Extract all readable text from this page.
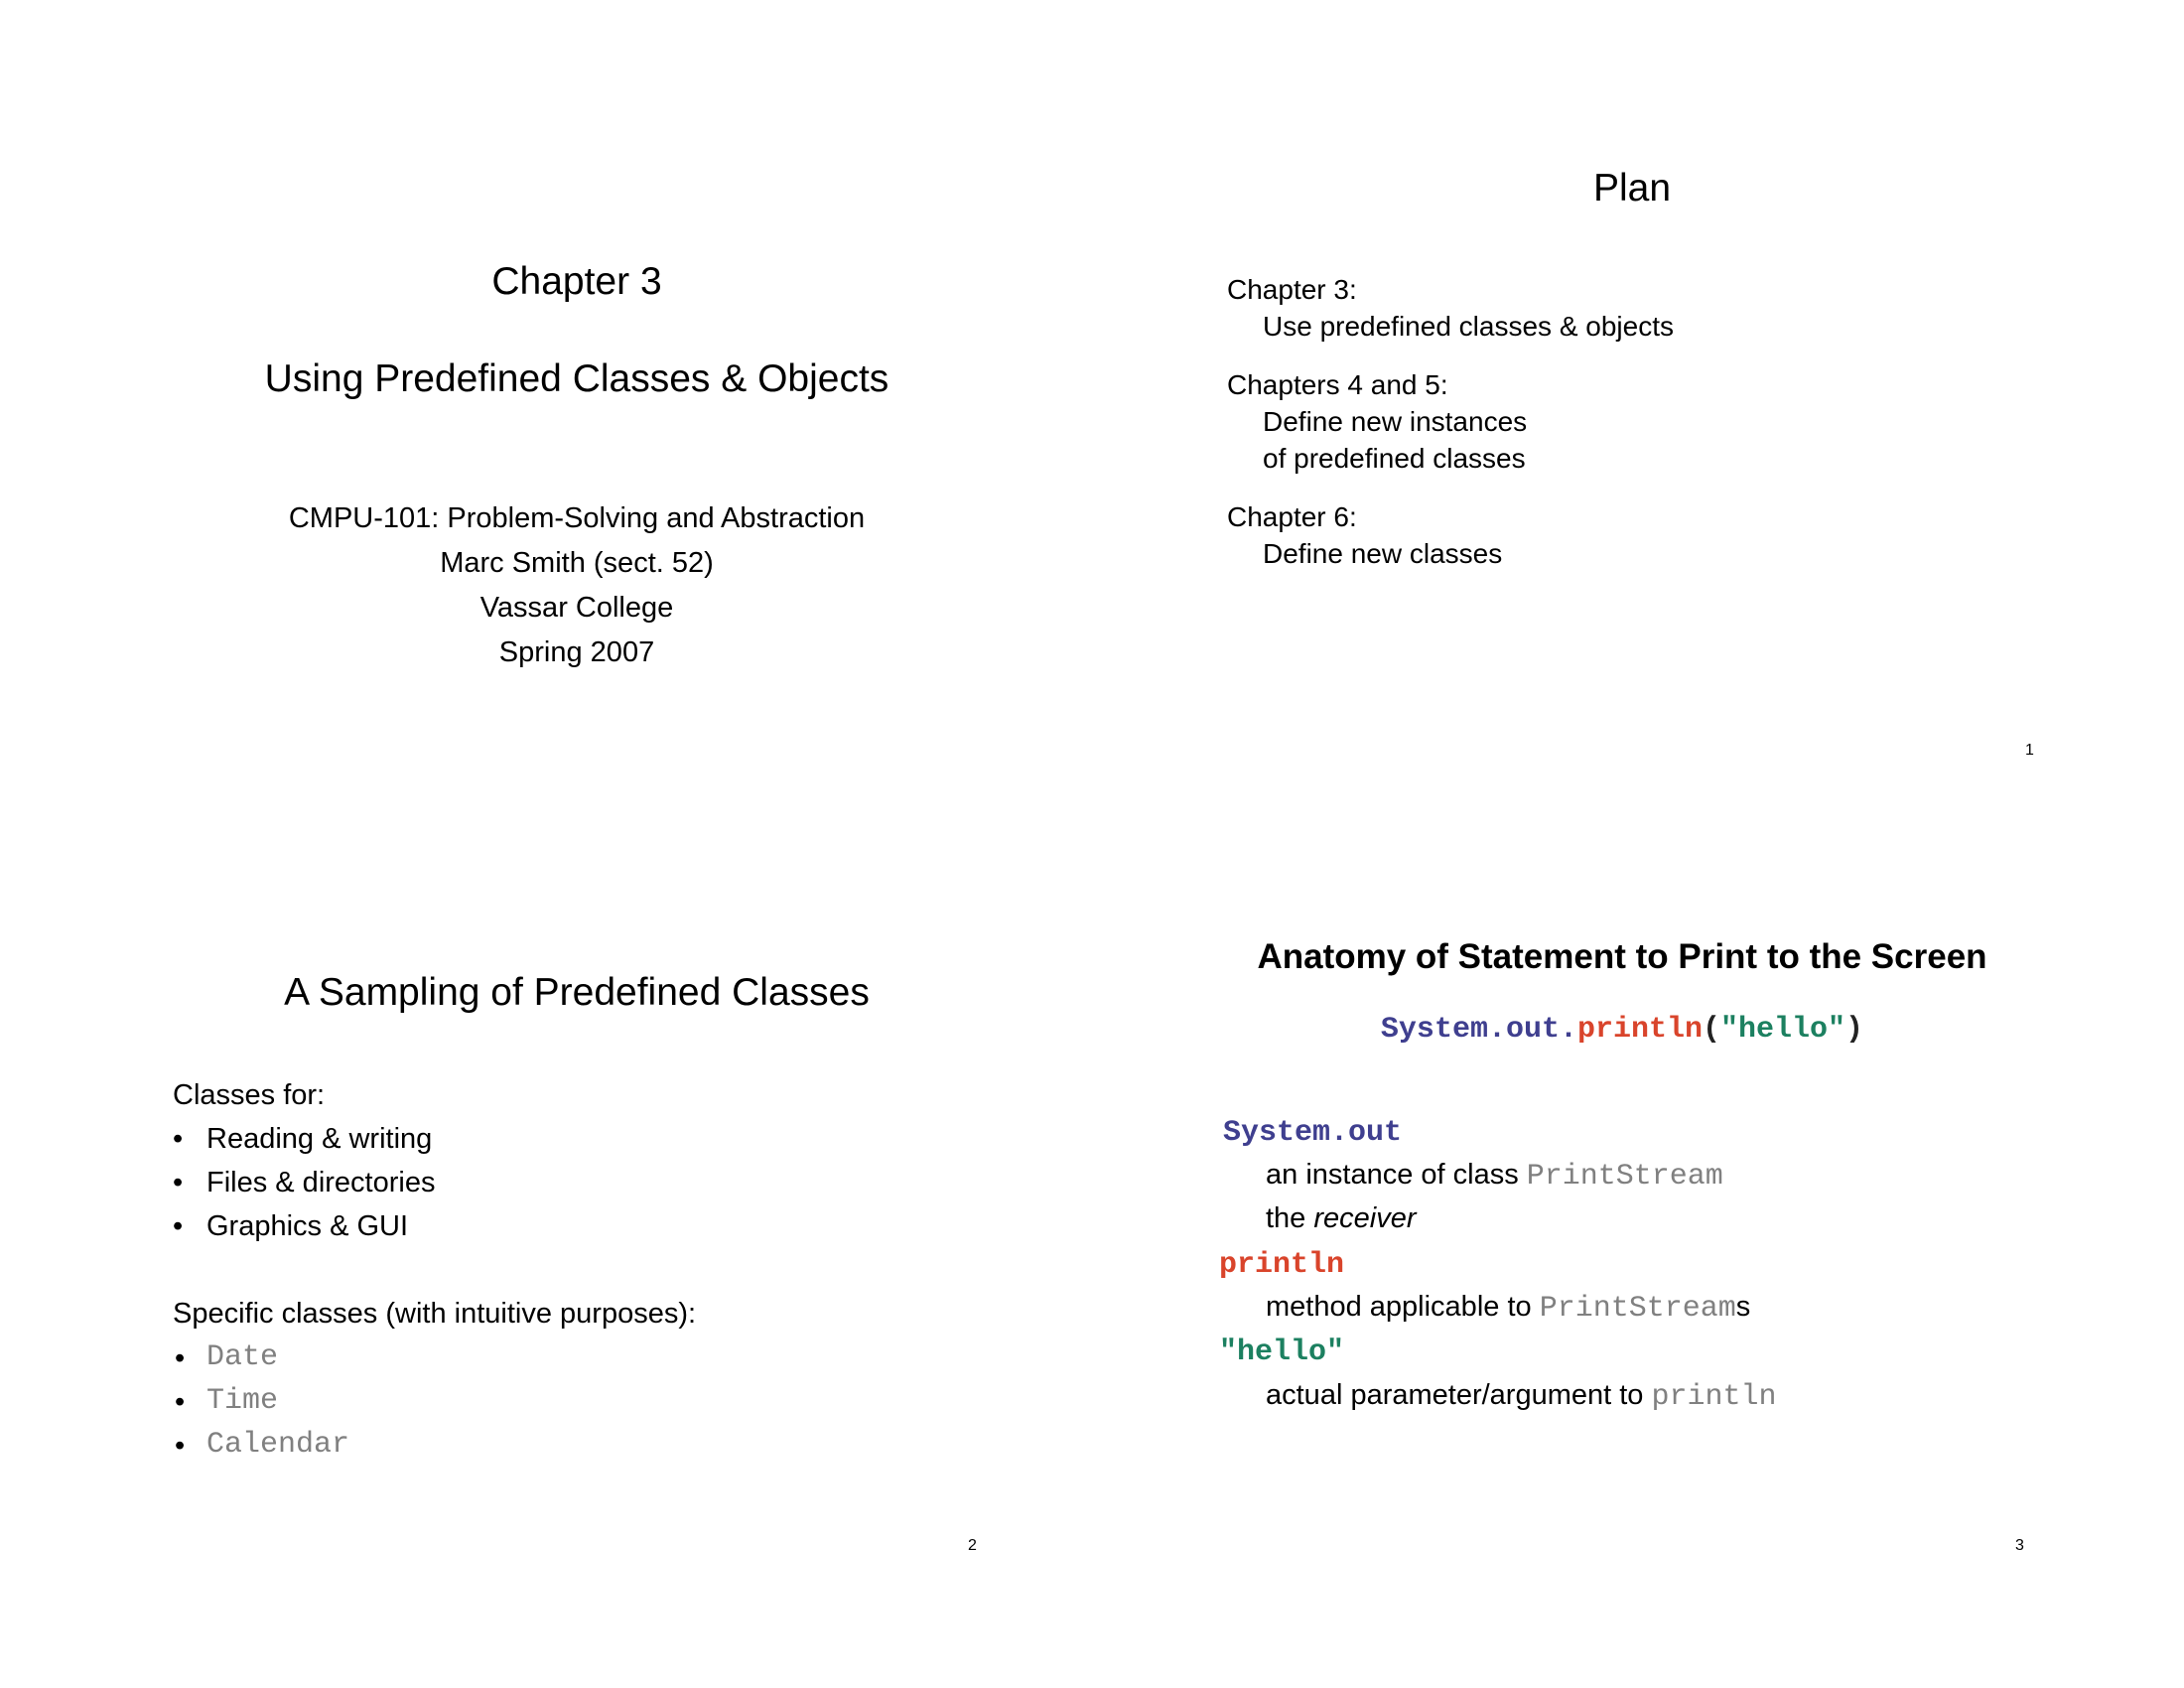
Chapter 3
Using Predefined Classes & Objects
CMPU-101: Problem-Solving and Abstraction
Marc Smith (sect. 52)
Vassar College
Spring 2007
Plan
Chapter 3:
Use predefined classes & objects
Chapters 4 and 5:
Define new instances
of predefined classes
Chapter 6:
Define new classes
1
A Sampling of Predefined Classes
Classes for:
• Reading & writing
• Files & directories
• Graphics & GUI
Specific classes (with intuitive purposes):
• Date
• Time
• Calendar
2
Anatomy of Statement to Print to the Screen
System.out.println("hello")
System.out
an instance of class PrintStream
the receiver
println
method applicable to PrintStreams
"hello"
actual parameter/argument to println
3
